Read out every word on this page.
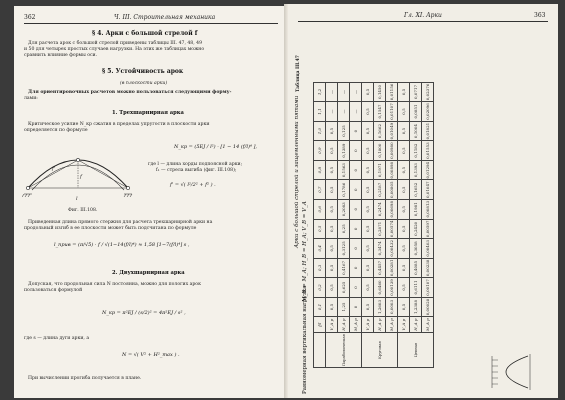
362	Ч. III. Строительная механика
§ 4. Арки с большой стрелой f
Для расчета арок с большой стрелой приведены таблицы III. 47, 48, 49
и 50 для четырех простых случаев нагрузки. На этих же таблицах можно
сравнить влияние формы оси.
§ 5. Устойчивость арок
(в плоскости арки)
Для ориентировочных расчетов можно пользоваться следующими форму-
лами:
1. Трехшарнирная арка
Критическое усилие N_кр сжатия в пределах упругости в плоскости арки
определяется по формуле
f'
f
l
N_кр = (5EJ / l²) · [1 − 14 (f/l)⁴ ],
где l — длина хорды подпоясной арки;
f₁ — стрела выгиба (фиг. III.108);
f' = √( l²/2² + f² ) .
Фиг. III.108.
Приведенная длина прямого стержня для расчета трехшарнирной арки на
продольный изгиб в ее плоскости может быть подсчитана по формуле
l_прив = (π/√5) · f / √(1−14(f/l)⁴) ≈ 1,58 [1−7(f/l)⁴] s ,
2. Двухшарнирная арка
Допуская, что продольная сила N постоянна, можно для пологих арок
пользоваться формулой
N_кр = π²EJ / (s/2)² = 4π²EJ / s² ,
где s — длина дуги арки, а
N = √( V² + H²_max ) .
При вычислении прогиба получается в плане.
Гл. XI. Арки	363
Таблица III.47
Арки с большой стрелой и защемленными пятами
Равномерная вертикальная нагрузка
M_B = M_A; H_B = H_A; V_B = V_A
	f/l	0,1	0,2	0,3	0,4	0,5	0,6	0,7	0,8	0,9	1,0	1,1	1,2
Параболическая	V_A p	0,5	0,5	0,5	0,5	0,5	0,5	0,5	0,5	0,5	0,5	—	—
	H_A p	1,25	0,625	0,4167	0,3125	0,25	0,2083	0,1786	0,1563	0,1389	0,125	—	—
	M_A p	0	0	0	0	0	0	0	0	0	0	—	—
Круговая	V_A p	0,5	0,5	0,5	0,5	0,5	0,5	0,5	0,5	0,5	0,5	0,5	0,5
	H_A p	1,2603	0,6460	0,4457	0,3474	0,2871	0,2474	0,2187	0,1971	0,1800	0,1662	0,1547	0,1450
	M_A p	0,0003	0,00139	0,00281	0,00432	0,00574	0,00698	0,00805	0,00898	0,00980	0,01049	0,01107	0,01156
Цепная	V_A p	0,5	0,5	0,5	0,5	0,5	0,5	0,5	0,5	0,5	0,5	0,5	0,5
	H_A p	1,2388	0,6111	0,4085	0,3058	0,2420	0,1981	0,1652	0,1393	0,1182	0,1004	0,0851	0,0717
	M_A p	0,00028	0,00107	0,00238	0,00403	0,00597	0,00813	0,01047	0,01294	0,01553	0,01821	0,02096	0,02376
